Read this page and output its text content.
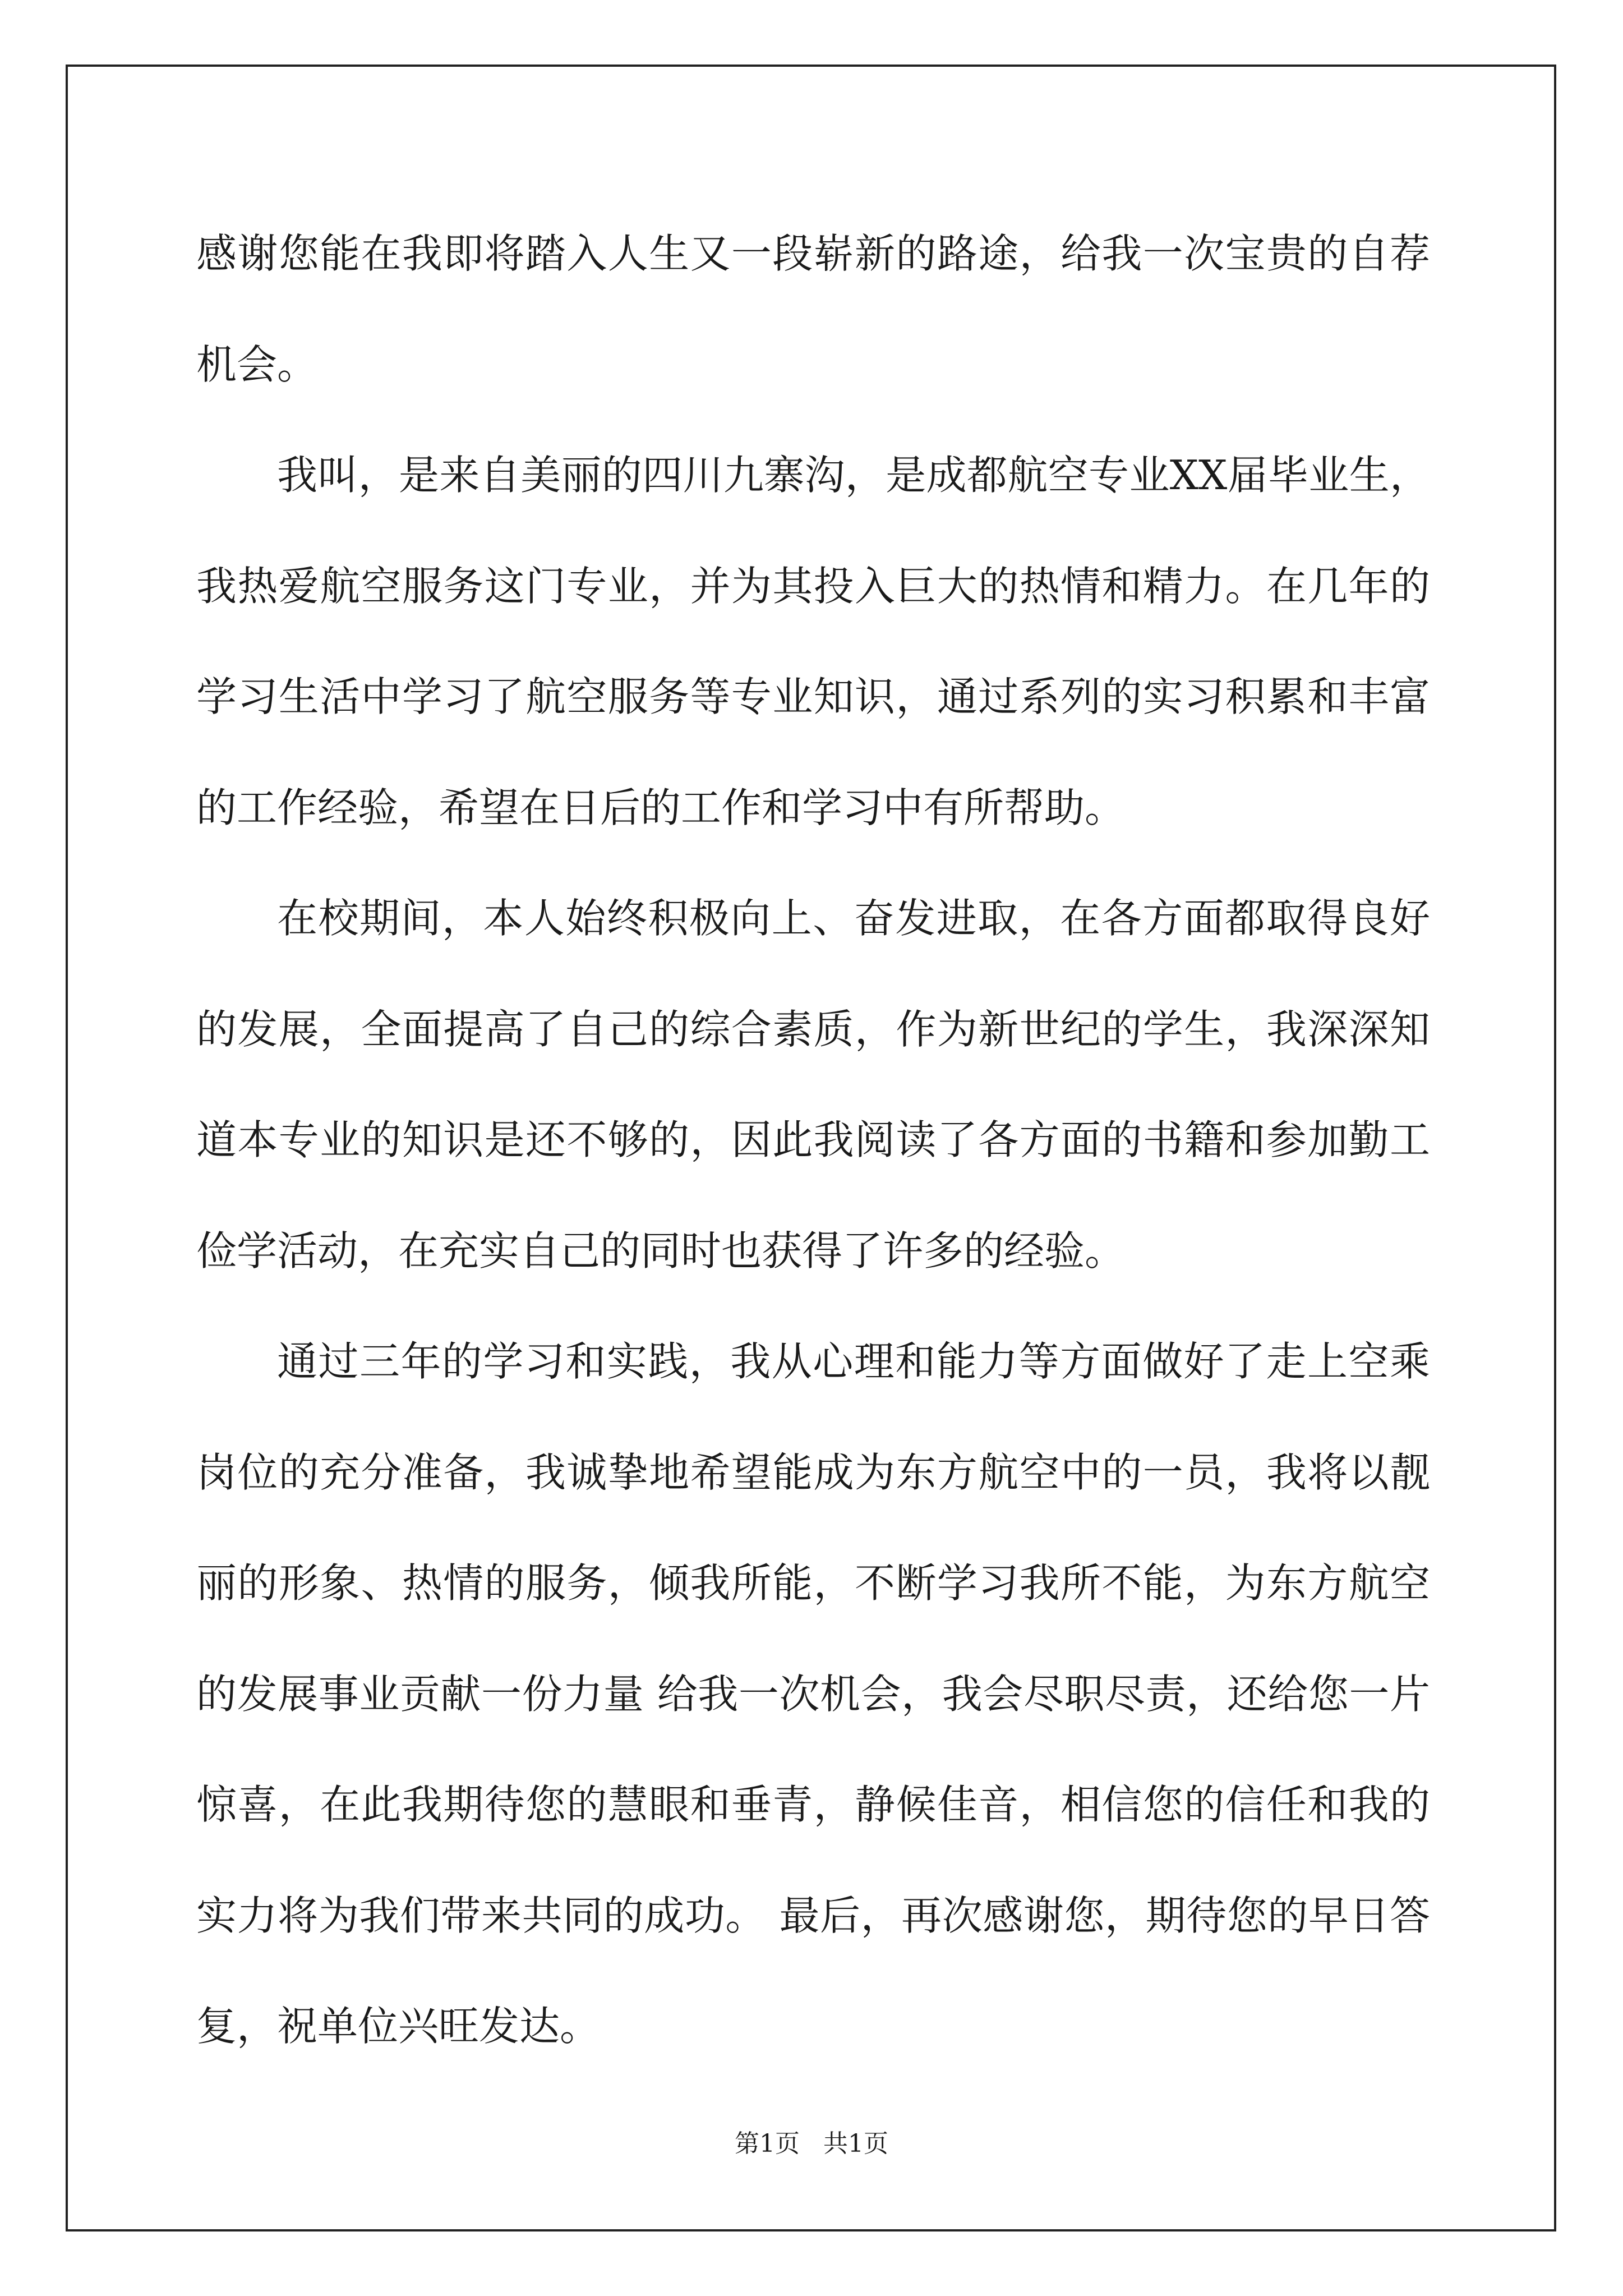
感谢您能在我即将踏入人生又一段崭新的路途，给我一次宝贵的自荐机会。

我叫，是来自美丽的四川九寨沟，是成都航空专业XX届毕业生，我热爱航空服务这门专业，并为其投入巨大的热情和精力。在几年的学习生活中学习了航空服务等专业知识，通过系列的实习积累和丰富的工作经验，希望在日后的工作和学习中有所帮助。

在校期间，本人始终积极向上、奋发进取，在各方面都取得良好的发展，全面提高了自己的综合素质，作为新世纪的学生，我深深知道本专业的知识是还不够的，因此我阅读了各方面的书籍和参加勤工俭学活动，在充实自己的同时也获得了许多的经验。

通过三年的学习和实践，我从心理和能力等方面做好了走上空乘岗位的充分准备，我诚挚地希望能成为东方航空中的一员，我将以靓丽的形象、热情的服务，倾我所能，不断学习我所不能，为东方航空的发展事业贡献一份力量 给我一次机会，我会尽职尽责，还给您一片惊喜，在此我期待您的慧眼和垂青，静候佳音，相信您的信任和我的实力将为我们带来共同的成功。 最后，再次感谢您，期待您的早日答复，祝单位兴旺发达。

第1页   共1页
